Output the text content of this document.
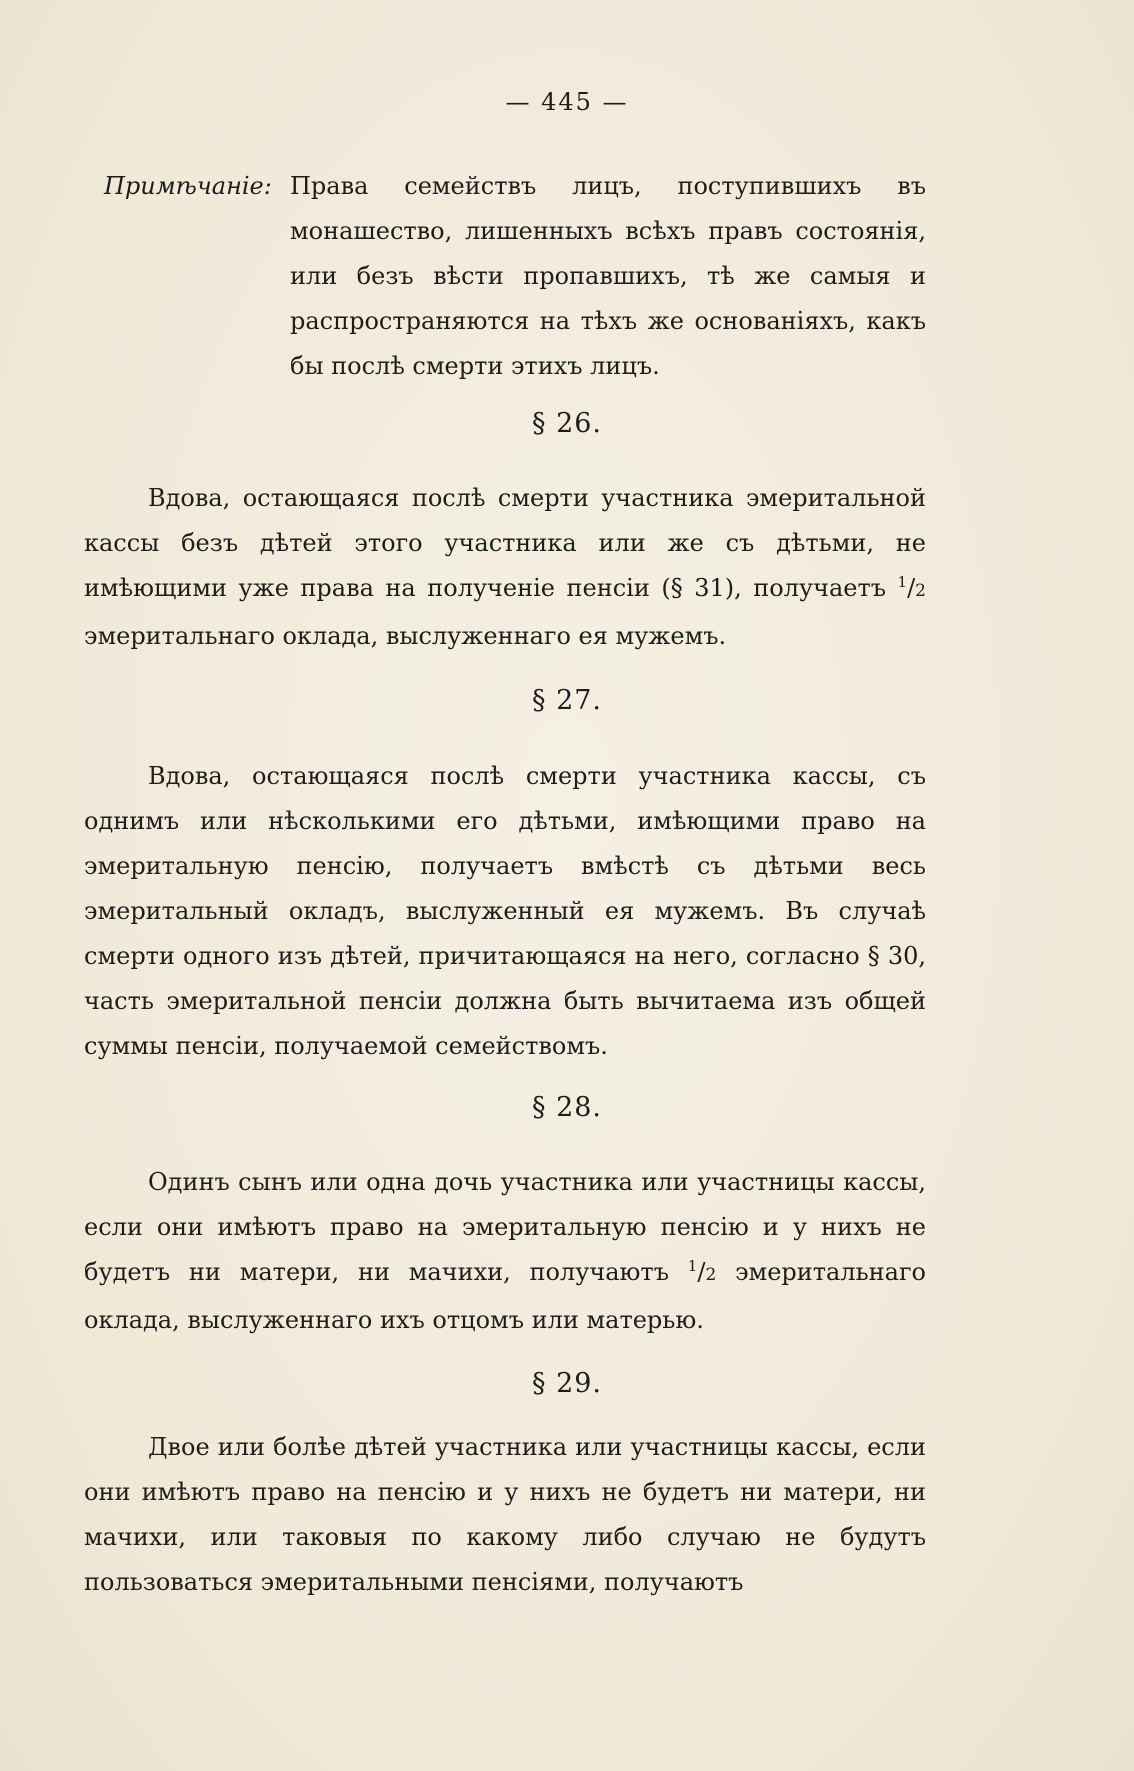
— 445 —
Примѣчаніе: Права семействъ лицъ, поступившихъ въ монашество, лишенныхъ всѣхъ правъ состоянія, или безъ вѣсти пропавшихъ, тѣ же самыя и распространяются на тѣхъ же основаніяхъ, какъ бы послѣ смерти этихъ лицъ.
§ 26.

Вдова, остающаяся послѣ смерти участника эмеритальной кассы безъ дѣтей этого участника или же съ дѣтьми, не имѣющими уже права на полученіе пенсіи (§ 31), получаетъ $^1$/2 эмеритальнаго оклада, выслуженнаго ея мужемъ.

§ 27.

Вдова, остающаяся послѣ смерти участника кассы, съ однимъ или нѣсколькими его дѣтьми, имѣющими право на эмеритальную пенсію, получаетъ вмѣстѣ съ дѣтьми весь эмеритальный окладъ, выслуженный ея мужемъ. Въ случаѣ смерти одного изъ дѣтей, причитающаяся на него, согласно § 30, часть эмеритальной пенсіи должна быть вычитаема изъ общей суммы пенсіи, получаемой семействомъ.

§ 28.

Одинъ сынъ или одна дочь участника или участницы кассы, если они имѣютъ право на эмеритальную пенсію и у нихъ не будетъ ни матери, ни мачихи, получаютъ $^1$/2 эмеритальнаго оклада, выслуженнаго ихъ отцомъ или матерью.

§ 29.

Двое или болѣе дѣтей участника или участницы кассы, если они имѣютъ право на пенсію и у нихъ не будетъ ни матери, ни мачихи, или таковыя по какому либо случаю не будутъ пользоваться эмеритальными пенсіями, получаютъ
